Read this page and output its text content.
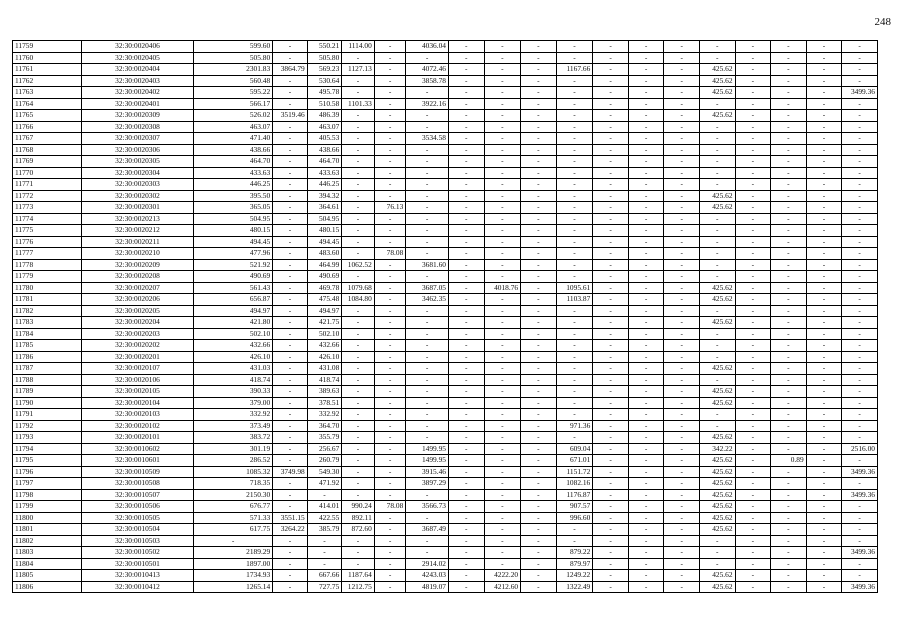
248
11759	32:30:0020406	599.60	-	550.21	1114.00	-	4036.04	-	-	-	-	-	-	-	-	-	-	-	-
11760	32:30:0020405	505.80	-	505.80	-	-	-	-	-	-	-	-	-	-	-	-	-	-	-
11761	32:30:0020404	2301.83	3864.79	569.23	1127.13	-	4072.46	-	-	-	1167.66	-	-	-	425.62	-	-	-	-
11762	32:30:0020403	560.48	-	530.64	-	-	3858.78	-	-	-	-	-	-	-	425.62	-	-	-	-
11763	32:30:0020402	595.22	-	495.78	-	-	-	-	-	-	-	-	-	-	425.62	-	-	-	3499.36
11764	32:30:0020401	566.17	-	510.58	1101.33	-	3922.16	-	-	-	-	-	-	-	-	-	-	-	-
11765	32:30:0020309	526.02	3519.46	486.39	-	-	-	-	-	-	-	-	-	-	425.62	-	-	-	-
11766	32:30:0020308	463.07	-	463.07	-	-	-	-	-	-	-	-	-	-	-	-	-	-	-
11767	32:30:0020307	471.40	-	405.53	-	-	3534.58	-	-	-	-	-	-	-	-	-	-	-	-
11768	32:30:0020306	438.66	-	438.66	-	-	-	-	-	-	-	-	-	-	-	-	-	-	-
11769	32:30:0020305	464.70	-	464.70	-	-	-	-	-	-	-	-	-	-	-	-	-	-	-
11770	32:30:0020304	433.63	-	433.63	-	-	-	-	-	-	-	-	-	-	-	-	-	-	-
11771	32:30:0020303	446.25	-	446.25	-	-	-	-	-	-	-	-	-	-	-	-	-	-	-
11772	32:30:0020302	395.50	-	394.32	-	-	-	-	-	-	-	-	-	-	425.62	-	-	-	-
11773	32:30:0020301	365.05	-	364.61	-	76.13	-	-	-	-	-	-	-	-	425.62	-	-	-	-
11774	32:30:0020213	504.95	-	504.95	-	-	-	-	-	-	-	-	-	-	-	-	-	-	-
11775	32:30:0020212	480.15	-	480.15	-	-	-	-	-	-	-	-	-	-	-	-	-	-	-
11776	32:30:0020211	494.45	-	494.45	-	-	-	-	-	-	-	-	-	-	-	-	-	-	-
11777	32:30:0020210	477.96	-	483.60	-	78.08	-	-	-	-	-	-	-	-	-	-	-	-	-
11778	32:30:0020209	521.92	-	464.99	1062.52	-	3681.60	-	-	-	-	-	-	-	-	-	-	-	-
11779	32:30:0020208	490.69	-	490.69	-	-	-	-	-	-	-	-	-	-	-	-	-	-	-
11780	32:30:0020207	561.43	-	469.78	1079.68	-	3687.05	-	4018.76	-	1095.61	-	-	-	425.62	-	-	-	-
11781	32:30:0020206	656.87	-	475.48	1084.80	-	3462.35	-	-	-	1103.87	-	-	-	425.62	-	-	-	-
11782	32:30:0020205	494.97	-	494.97	-	-	-	-	-	-	-	-	-	-	-	-	-	-	-
11783	32:30:0020204	421.80	-	421.75	-	-	-	-	-	-	-	-	-	-	425.62	-	-	-	-
11784	32:30:0020203	502.10	-	502.10	-	-	-	-	-	-	-	-	-	-	-	-	-	-	-
11785	32:30:0020202	432.66	-	432.66	-	-	-	-	-	-	-	-	-	-	-	-	-	-	-
11786	32:30:0020201	426.10	-	426.10	-	-	-	-	-	-	-	-	-	-	-	-	-	-	-
11787	32:30:0020107	431.03	-	431.08	-	-	-	-	-	-	-	-	-	-	425.62	-	-	-	-
11788	32:30:0020106	418.74	-	418.74	-	-	-	-	-	-	-	-	-	-	-	-	-	-	-
11789	32:30:0020105	390.33	-	389.63	-	-	-	-	-	-	-	-	-	-	425.62	-	-	-	-
11790	32:30:0020104	379.00	-	378.51	-	-	-	-	-	-	-	-	-	-	425.62	-	-	-	-
11791	32:30:0020103	332.92	-	332.92	-	-	-	-	-	-	-	-	-	-	-	-	-	-	-
11792	32:30:0020102	373.49	-	364.70	-	-	-	-	-	-	971.36	-	-	-	-	-	-	-	-
11793	32:30:0020101	383.72	-	355.79	-	-	-	-	-	-	-	-	-	-	425.62	-	-	-	-
11794	32:30:0010602	301.19	-	256.67	-	-	1499.95	-	-	-	609.04	-	-	-	342.22	-	-	-	2516.00
11795	32:30:0010601	286.52	-	260.79	-	-	1499.95	-	-	-	671.01	-	-	-	425.62	-	0.89	-	-
11796	32:30:0010509	1085.32	3749.98	549.30	-	-	3915.46	-	-	-	1151.72	-	-	-	425.62	-	-	-	3499.36
11797	32:30:0010508	718.35	-	471.92	-	-	3897.29	-	-	-	1082.16	-	-	-	425.62	-	-	-	-
11798	32:30:0010507	2150.30	-	-	-	-	-	-	-	-	1176.87	-	-	-	425.62	-	-	-	3499.36
11799	32:30:0010506	676.77	-	414.01	990.24	78.08	3566.73	-	-	-	907.57	-	-	-	425.62	-	-	-	-
11800	32:30:0010505	571.33	3551.15	422.55	892.11	-	-	-	-	-	996.60	-	-	-	425.62	-	-	-	-
11801	32:30:0010504	617.75	3264.22	385.79	872.60	-	3687.49	-	-	-	-	-	-	-	425.62	-	-	-	-
11802	32:30:0010503	-	-	-	-	-	-	-	-	-	-	-	-	-	-	-	-	-	-
11803	32:30:0010502	2189.29	-	-	-	-	-	-	-	-	879.22	-	-	-	-	-	-	-	3499.36
11804	32:30:0010501	1897.00	-	-	-	-	2914.02	-	-	-	879.97	-	-	-	-	-	-	-	-
11805	32:30:0010413	1734.93	-	667.66	1187.64	-	4243.03	-	4222.20	-	1249.22	-	-	-	425.62	-	-	-	-
11806	32:30:0010412	1265.14	-	727.75	1212.75	-	4819.07	-	4212.60	-	1322.49	-	-	-	425.62	-	-	-	3499.36
